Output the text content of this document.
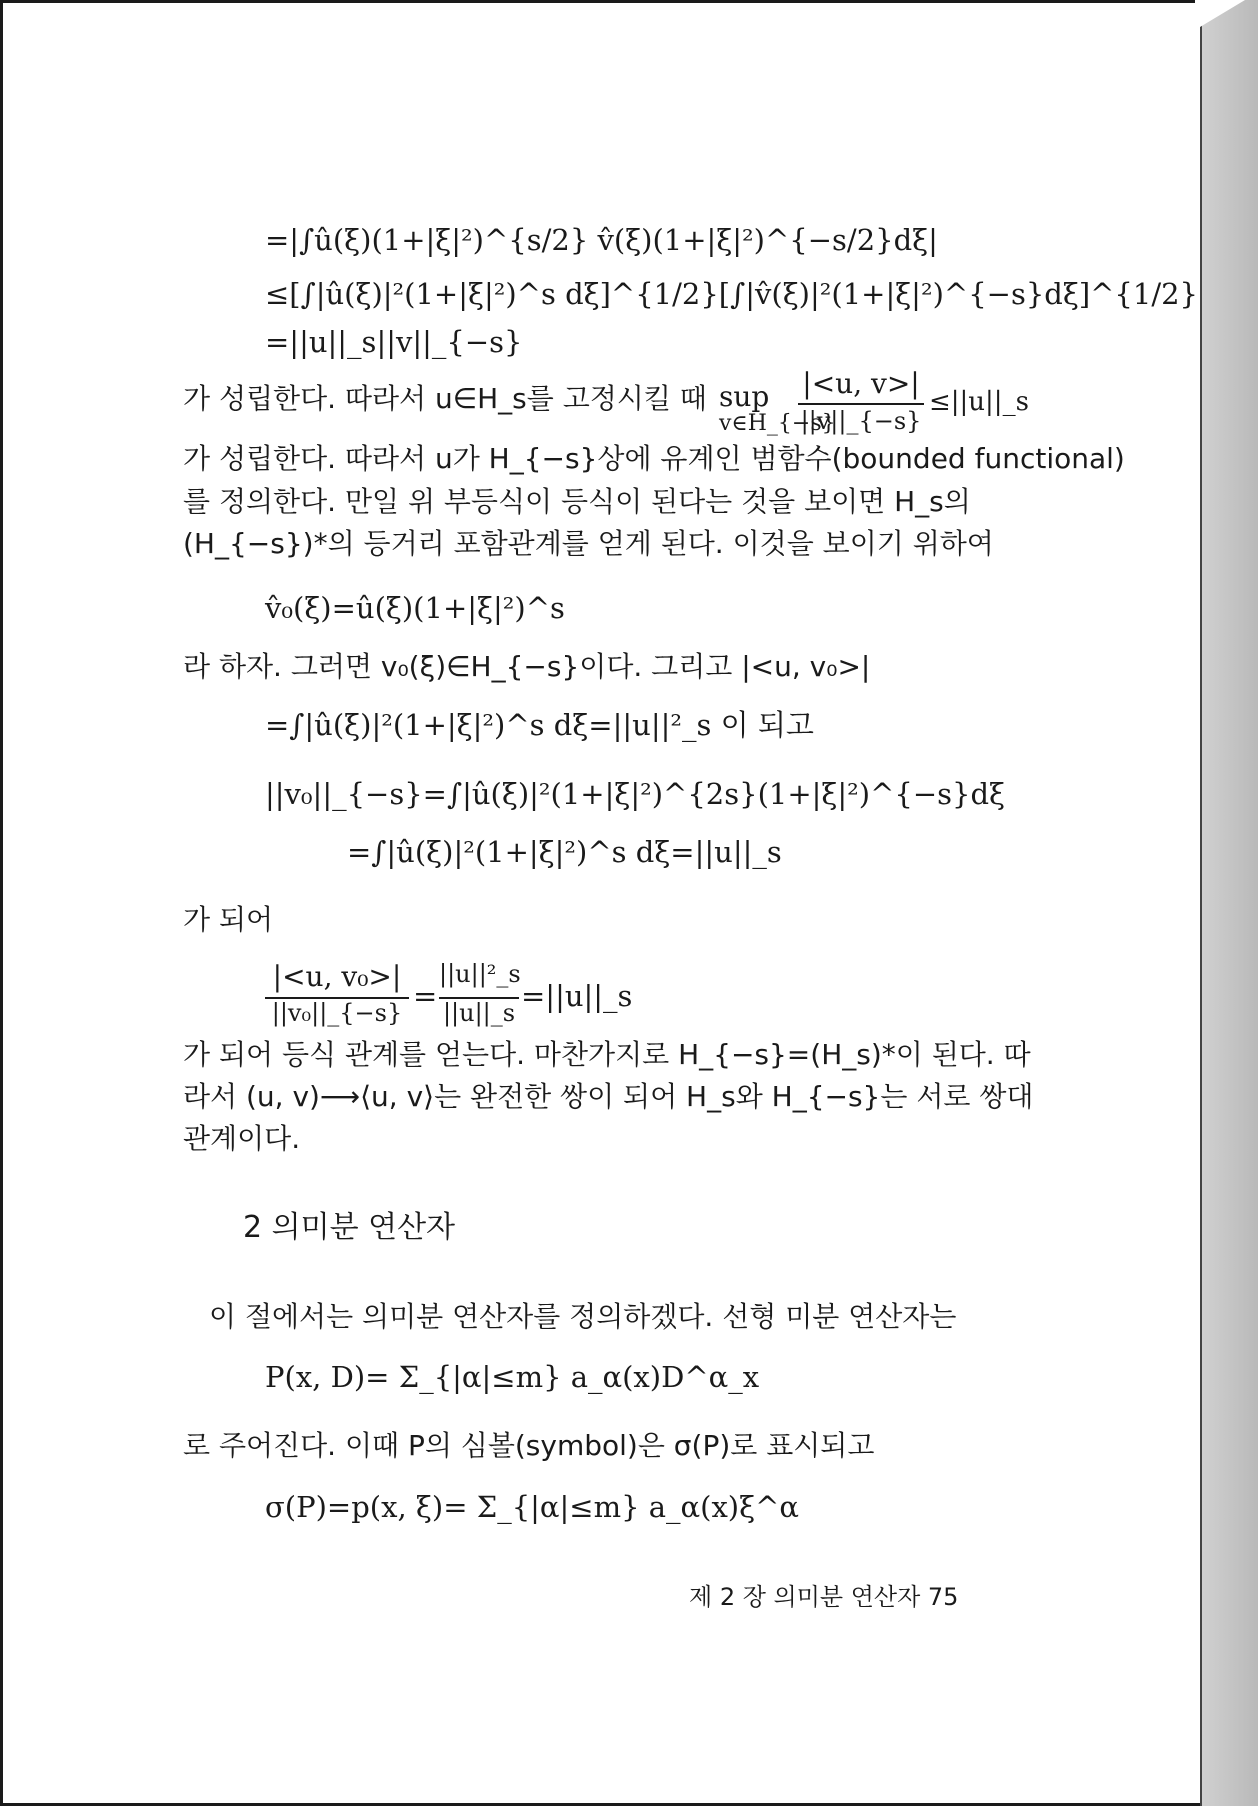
=|∫û(ξ)(1+|ξ|²)^{s/2} v̂(ξ)(1+|ξ|²)^{−s/2}dξ|
≤[∫|û(ξ)|²(1+|ξ|²)^s dξ]^{1/2}[∫|v̂(ξ)|²(1+|ξ|²)^{−s}dξ]^{1/2}
=||u||_s||v||_{−s}
가 성립한다. 따라서 u∈H_s를 고정시킬 때 sup
v∈H_{−s}
|<u, v>|
||v||_{−s}
≤||u||_s
가 성립한다. 따라서 u가 H_{−s}상에 유계인 범함수(bounded functional)
를 정의한다. 만일 위 부등식이 등식이 된다는 것을 보이면 H_s의
(H_{−s})*의 등거리 포함관계를 얻게 된다. 이것을 보이기 위하여
v̂₀(ξ)=û(ξ)(1+|ξ|²)^s
라 하자. 그러면 v₀(ξ)∈H_{−s}이다. 그리고 |<u, v₀>|
=∫|û(ξ)|²(1+|ξ|²)^s dξ=||u||²_s 이 되고
||v₀||_{−s}=∫|û(ξ)|²(1+|ξ|²)^{2s}(1+|ξ|²)^{−s}dξ
=∫|û(ξ)|²(1+|ξ|²)^s dξ=||u||_s
가 되어
|<u, v₀>|
||v₀||_{−s} =
||u||²_s
||u||_s =||u||_s
가 되어 등식 관계를 얻는다. 마찬가지로 H_{−s}=(H_s)*이 된다. 따
라서 (u, v)⟶⟨u, v⟩는 완전한 쌍이 되어 H_s와 H_{−s}는 서로 쌍대
관계이다.
2 의미분 연산자
이 절에서는 의미분 연산자를 정의하겠다. 선형 미분 연산자는
P(x, D)= Σ_{|α|≤m} a_α(x)D^α_x
로 주어진다. 이때 P의 심볼(symbol)은 σ(P)로 표시되고
σ(P)=p(x, ξ)= Σ_{|α|≤m} a_α(x)ξ^α
제 2 장 의미분 연산자 75
